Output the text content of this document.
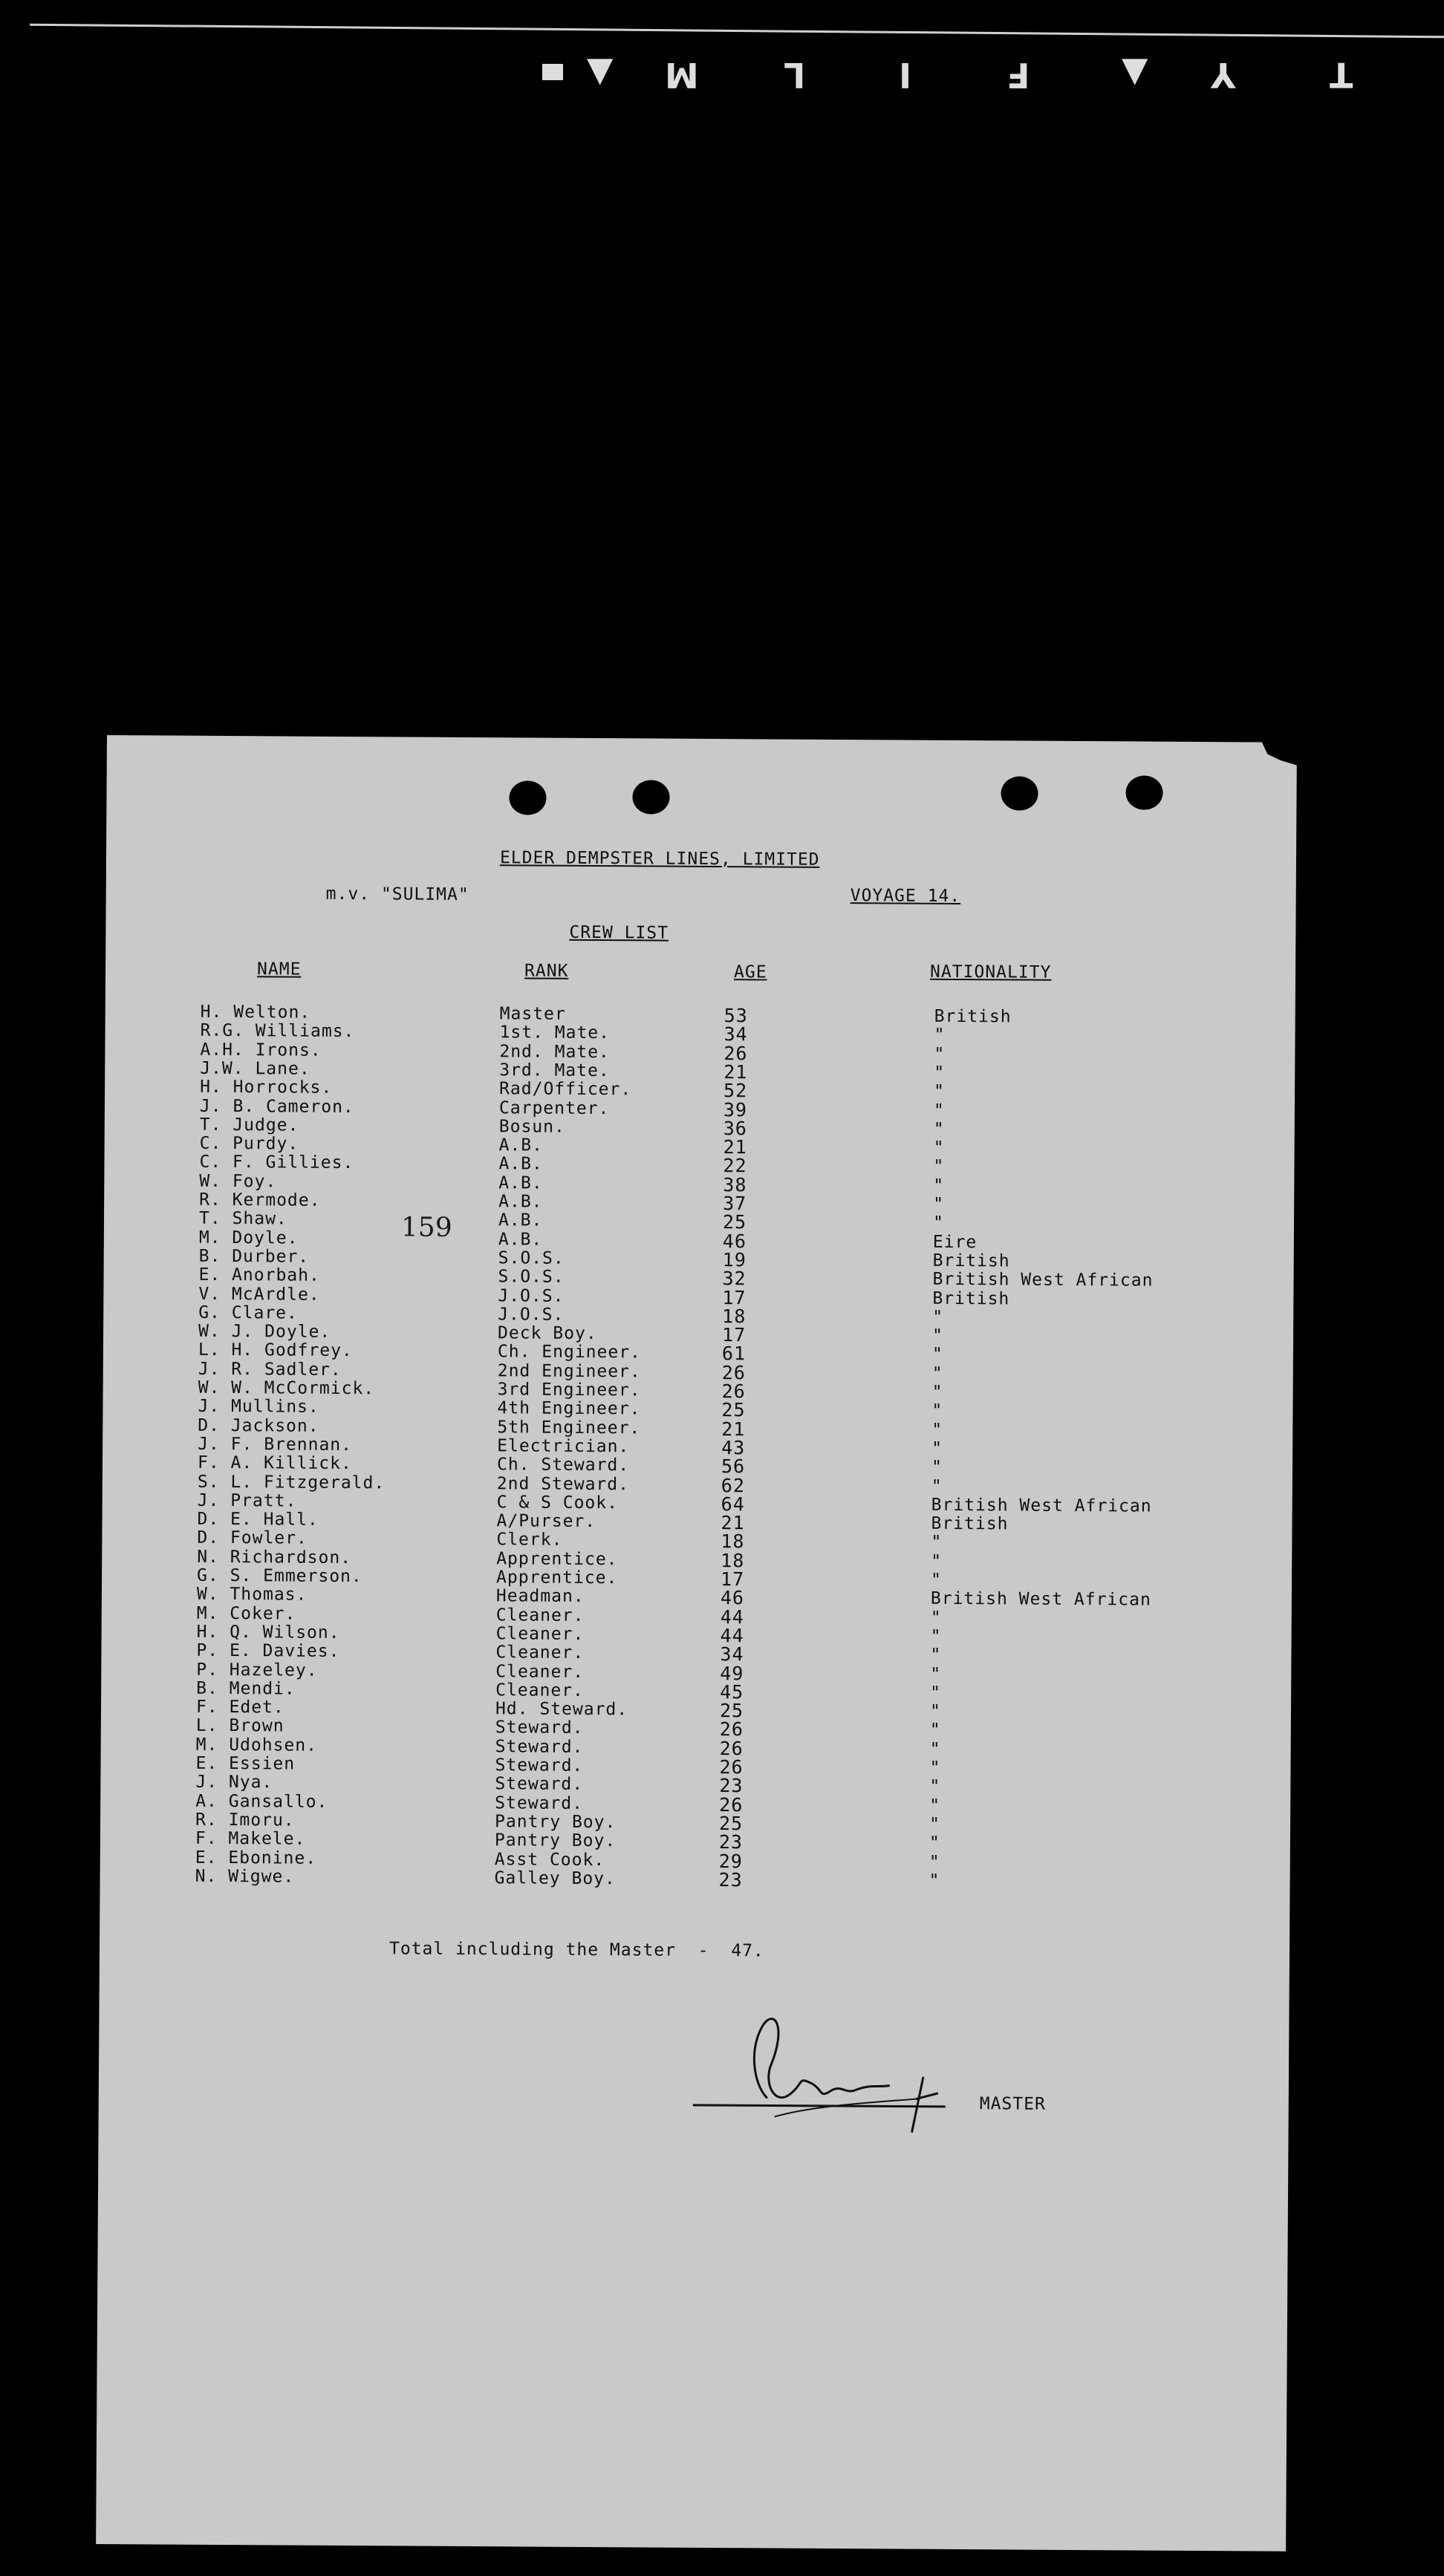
T
Y
▲
F
I
L
M
▲
ELDER DEMPSTER LINES, LIMITED
m.v. "SULIMA"	VOYAGE 14.
CREW LIST
NAME	RANK	AGE	NATIONALITY
159
H. Welton.	Master	53	British
R.G. Williams.	1st. Mate.	34	"
A.H. Irons.	2nd. Mate.	26	"
J.W. Lane.	3rd. Mate.	21	"
H. Horrocks.	Rad/Officer.	52	"
J. B. Cameron.	Carpenter.	39	"
T. Judge.	Bosun.	36	"
C. Purdy.	A.B.	21	"
C. F. Gillies.	A.B.	22	"
W. Foy.	A.B.	38	"
R. Kermode.	A.B.	37	"
T. Shaw.	A.B.	25	"
M. Doyle.	A.B.	46	Eire
B. Durber.	S.O.S.	19	British
E. Anorbah.	S.O.S.	32	British West African
V. McArdle.	J.O.S.	17	British
G. Clare.	J.O.S.	18	"
W. J. Doyle.	Deck Boy.	17	"
L. H. Godfrey.	Ch. Engineer.	61	"
J. R. Sadler.	2nd Engineer.	26	"
W. W. McCormick.	3rd Engineer.	26	"
J. Mullins.	4th Engineer.	25	"
D. Jackson.	5th Engineer.	21	"
J. F. Brennan.	Electrician.	43	"
F. A. Killick.	Ch. Steward.	56	"
S. L. Fitzgerald.	2nd Steward.	62	"
J. Pratt.	C & S Cook.	64	British West African
D. E. Hall.	A/Purser.	21	British
D. Fowler.	Clerk.	18	"
N. Richardson.	Apprentice.	18	"
G. S. Emmerson.	Apprentice.	17	"
W. Thomas.	Headman.	46	British West African
M. Coker.	Cleaner.	44	"
H. Q. Wilson.	Cleaner.	44	"
P. E. Davies.	Cleaner.	34	"
P. Hazeley.	Cleaner.	49	"
B. Mendi.	Cleaner.	45	"
F. Edet.	Hd. Steward.	25	"
L. Brown	Steward.	26	"
M. Udohsen.	Steward.	26	"
E. Essien	Steward.	26	"
J. Nya.	Steward.	23	"
A. Gansallo.	Steward.	26	"
R. Imoru.	Pantry Boy.	25	"
F. Makele.	Pantry Boy.	23	"
E. Ebonine.	Asst Cook.	29	"
N. Wigwe.	Galley Boy.	23	"
Total including the Master  -  47.
MASTER
